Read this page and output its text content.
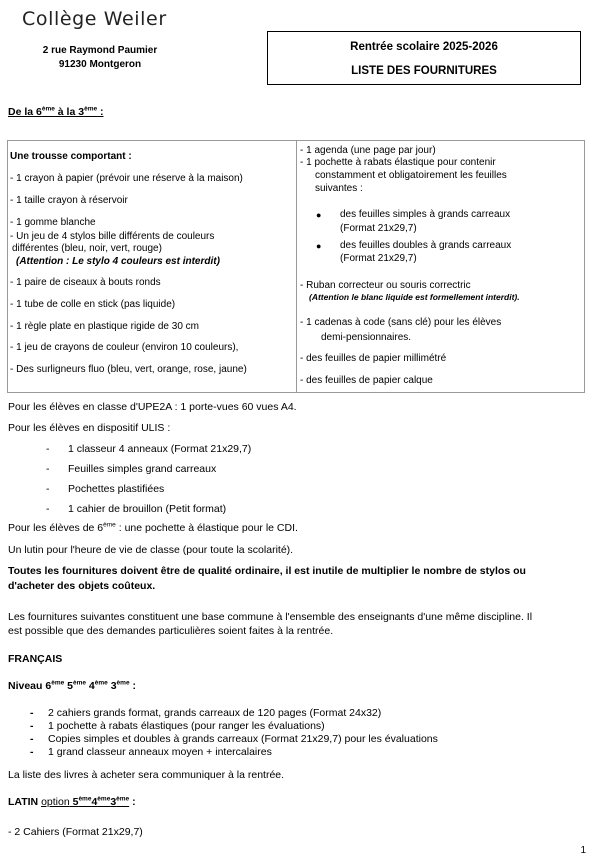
Collège Weiler
2 rue Raymond Paumier
91230 Montgeron
Rentrée scolaire 2025-2026
LISTE DES FOURNITURES
De la 6ème à la 3ème :
Une trousse comportant :
- 1 crayon à papier (prévoir une réserve à la maison)
- 1 taille crayon à réservoir
- 1 gomme blanche
- Un jeu de 4 stylos bille différents de couleurs
différentes (bleu, noir, vert, rouge)
(Attention : Le stylo 4 couleurs est interdit)
- 1 paire de ciseaux à bouts ronds
- 1 tube de colle en stick (pas liquide)
- 1 règle plate en plastique rigide de 30 cm
- 1 jeu de crayons de couleur (environ 10 couleurs),
- Des surligneurs fluo (bleu, vert, orange, rose, jaune)
- 1 agenda (une page par jour)
- 1 pochette à rabats élastique pour contenir
constamment et obligatoirement les feuilles
suivantes :
● des feuilles simples à grands carreaux
(Format 21x29,7)
● des feuilles doubles à grands carreaux
(Format 21x29,7)
- Ruban correcteur ou souris correctric
(Attention le blanc liquide est formellement interdit).
- 1 cadenas à code (sans clé) pour les élèves
demi-pensionnaires.
- des feuilles de papier millimétré
- des feuilles de papier calque
Pour les élèves en classe d'UPE2A : 1 porte-vues 60 vues A4.
Pour les élèves en dispositif ULIS :
- 1 classeur 4 anneaux (Format 21x29,7)
- Feuilles simples grand carreaux
- Pochettes plastifiées
- 1 cahier de brouillon (Petit format)
Pour les élèves de 6ème : une pochette à élastique pour le CDI.
Un lutin pour l'heure de vie de classe (pour toute la scolarité).
Toutes les fournitures doivent être de qualité ordinaire, il est inutile de multiplier le nombre de stylos ou
d'acheter des objets coûteux.
Les fournitures suivantes constituent une base commune à l'ensemble des enseignants d'une même discipline. Il
est possible que des demandes particulières soient faites à la rentrée.
FRANÇAIS
Niveau 6ème 5ème 4ème 3ème :
- 2 cahiers grands format, grands carreaux de 120 pages (Format 24x32)
- 1 pochette à rabats élastiques (pour ranger les évaluations)
- Copies simples et doubles à grands carreaux (Format 21x29,7) pour les évaluations
- 1 grand classeur anneaux moyen + intercalaires
La liste des livres à acheter sera communiquer à la rentrée.
LATIN option 5ème4ème3ème :
- 2 Cahiers (Format 21x29,7)
1
